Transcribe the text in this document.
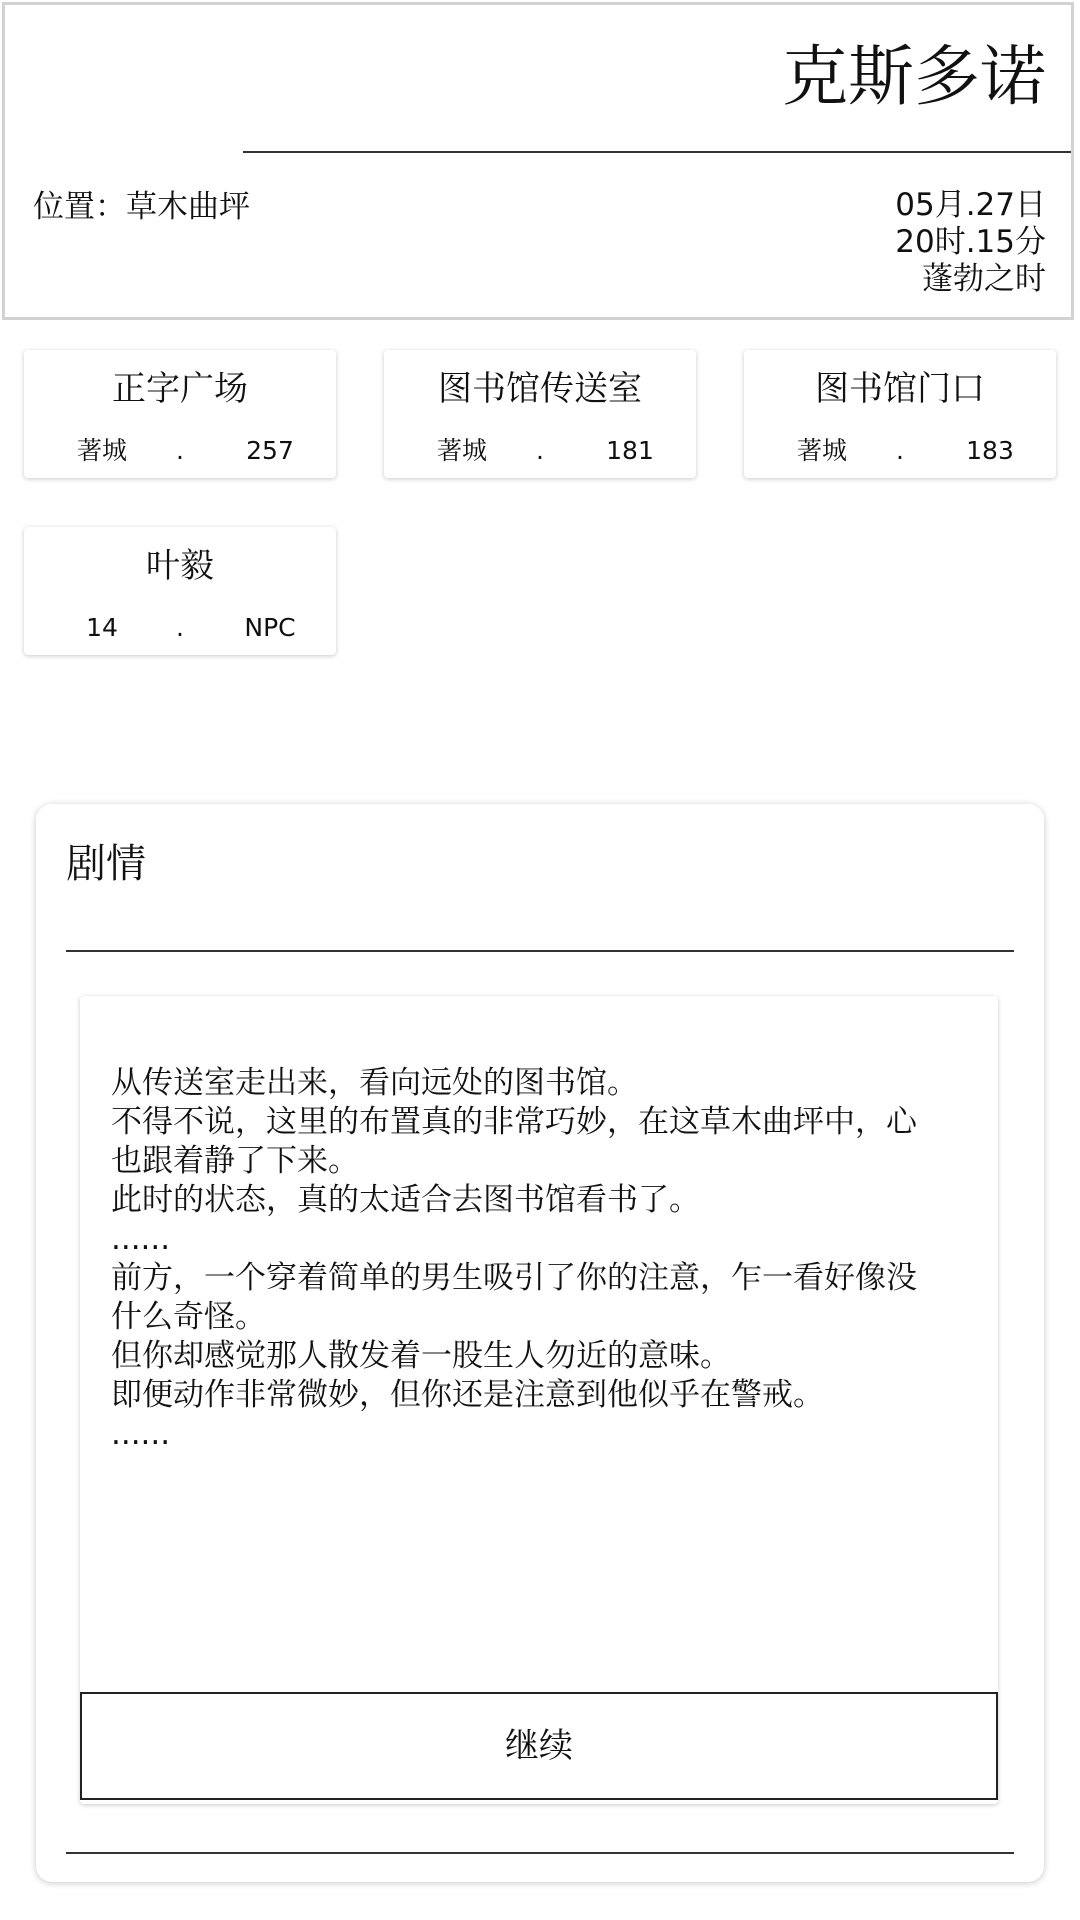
克斯多诺
位置：草木曲坪	05月.27日
20时.15分
蓬勃之时
正字广场
著城	.	257
图书馆传送室
著城	.	181
图书馆门口
著城	.	183
叶毅
14	.	NPC
剧情
从传送室走出来，看向远处的图书馆。
不得不说，这里的布置真的非常巧妙，在这草木曲坪中，心
也跟着静了下来。
此时的状态，真的太适合去图书馆看书了。
......
前方，一个穿着简单的男生吸引了你的注意，乍一看好像没
什么奇怪。
但你却感觉那人散发着一股生人勿近的意味。
即便动作非常微妙，但你还是注意到他似乎在警戒。
......
继续
